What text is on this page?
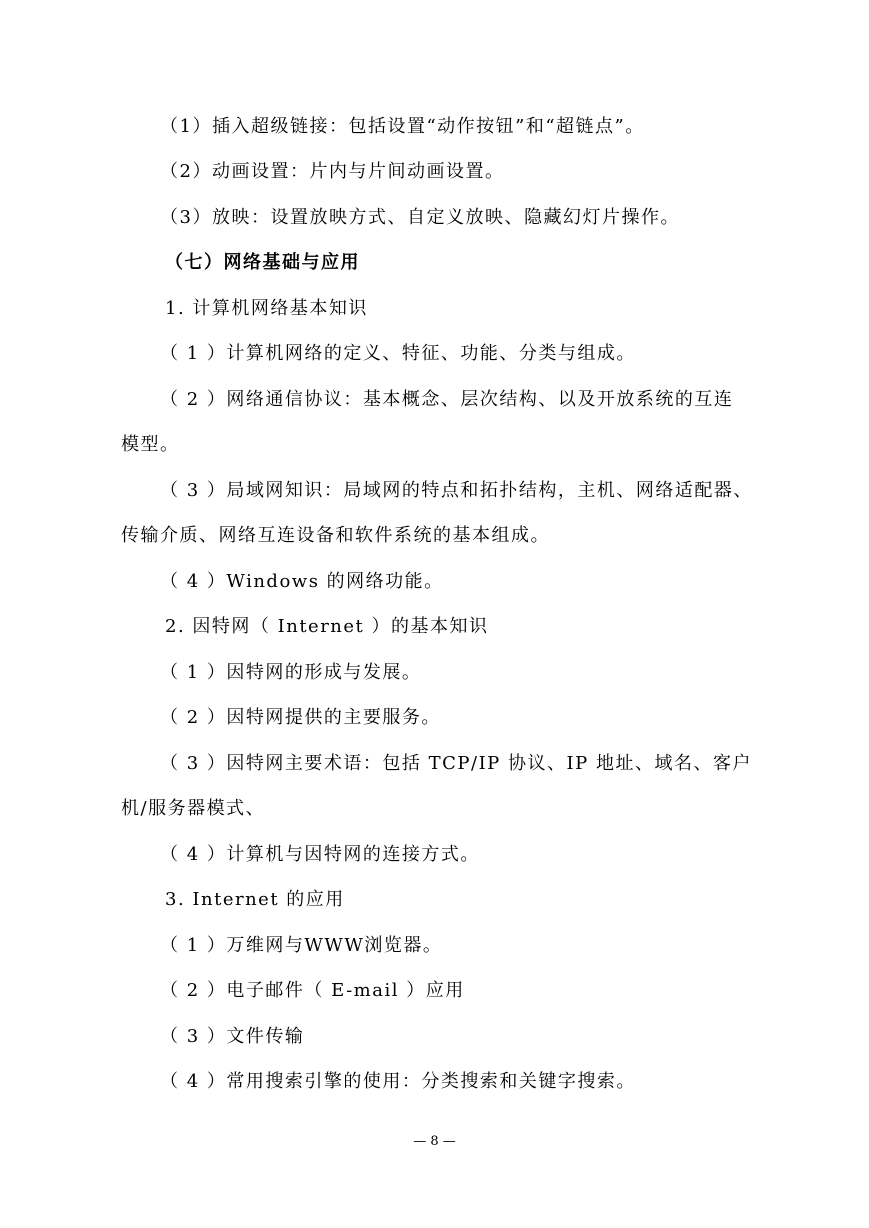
（1）插入超级链接：包括设置“动作按钮”和“超链点”。
（2）动画设置：片内与片间动画设置。
（3）放映：设置放映方式、自定义放映、隐藏幻灯片操作。
（七）网络基础与应用
1. 计算机网络基本知识
（ 1 ）计算机网络的定义、特征、功能、分类与组成。
（ 2 ）网络通信协议：基本概念、层次结构、以及开放系统的互连
模型。
（ 3 ）局域网知识：局域网的特点和拓扑结构，主机、网络适配器、
传输介质、网络互连设备和软件系统的基本组成。
（ 4 ）Windows 的网络功能。
2. 因特网（ Internet ）的基本知识
（ 1 ）因特网的形成与发展。
（ 2 ）因特网提供的主要服务。
（ 3 ）因特网主要术语：包括 TCP/IP 协议、IP 地址、域名、客户
机/服务器模式、
（ 4 ）计算机与因特网的连接方式。
3. Internet 的应用
（ 1 ）万维网与WWW浏览器。
（ 2 ）电子邮件（ E-mail ）应用
（ 3 ）文件传输
（ 4 ）常用搜索引擎的使用：分类搜索和关键字搜索。
— 8 —
